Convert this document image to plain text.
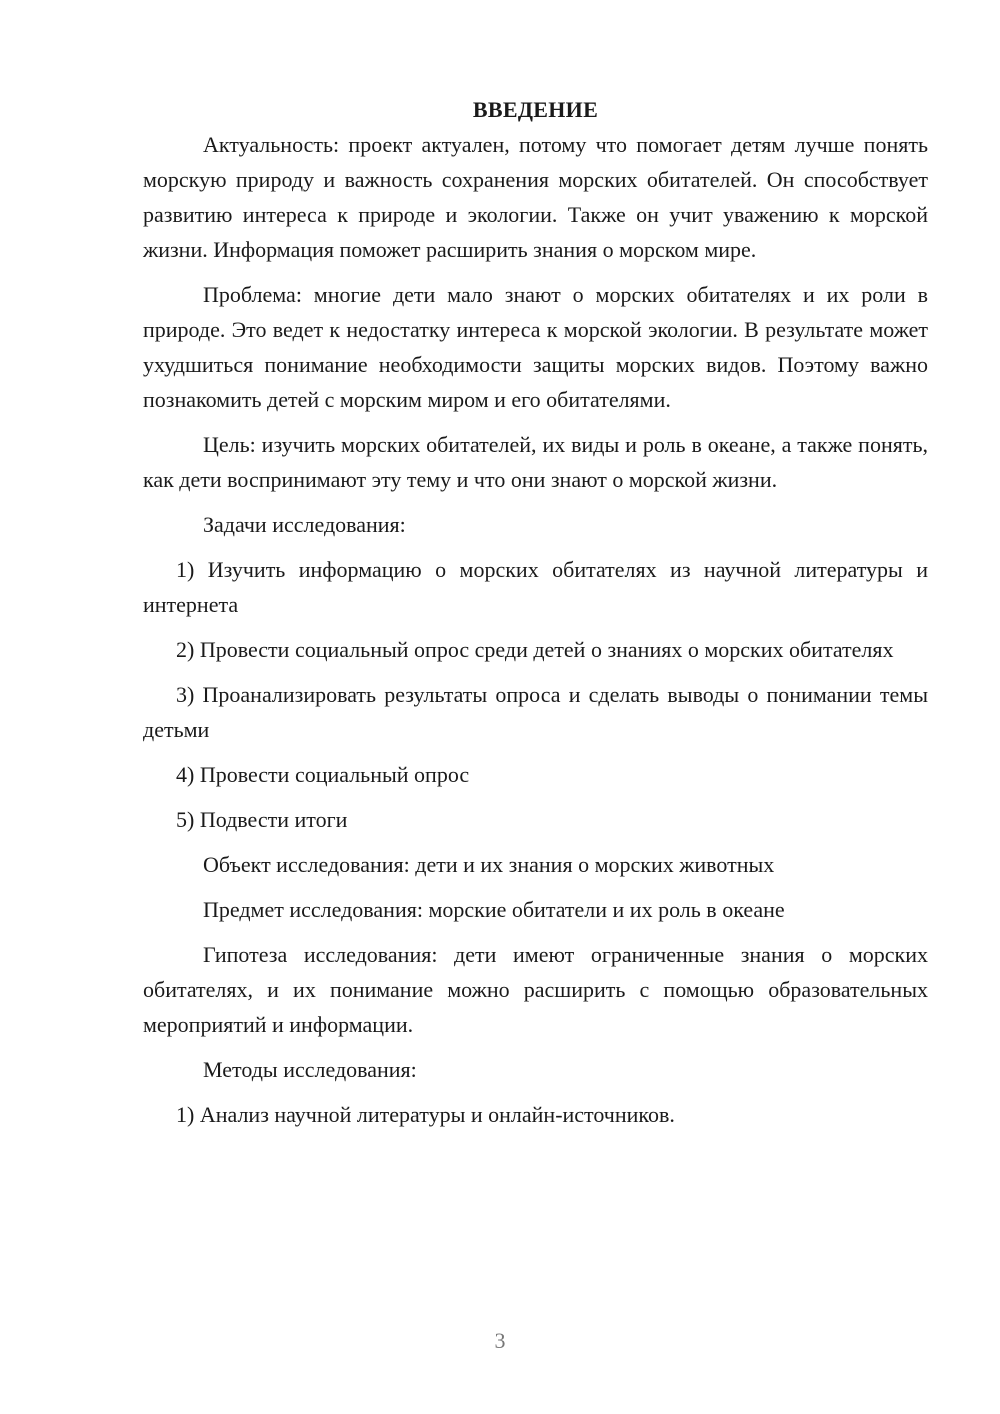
ВВЕДЕНИЕ

Актуальность: проект актуален, потому что помогает детям лучше понять морскую природу и важность сохранения морских обитателей. Он способствует развитию интереса к природе и экологии. Также он учит уважению к морской жизни. Информация поможет расширить знания о морском мире.

Проблема: многие дети мало знают о морских обитателях и их роли в природе. Это ведет к недостатку интереса к морской экологии. В результате может ухудшиться понимание необходимости защиты морских видов. Поэтому важно познакомить детей с морским миром и его обитателями.

Цель: изучить морских обитателей, их виды и роль в океане, а также понять, как дети воспринимают эту тему и что они знают о морской жизни.

Задачи исследования:

1) Изучить информацию о морских обитателях из научной литературы и интернета

2) Провести социальный опрос среди детей о знаниях о морских обитателях

3) Проанализировать результаты опроса и сделать выводы о понимании темы детьми

4) Провести социальный опрос

5) Подвести итоги

Объект исследования: дети и их знания о морских животных

Предмет исследования: морские обитатели и их роль в океане

Гипотеза исследования: дети имеют ограниченные знания о морских обитателях, и их понимание можно расширить с помощью образовательных мероприятий и информации.

Методы исследования:

1) Анализ научной литературы и онлайн-источников.

3
